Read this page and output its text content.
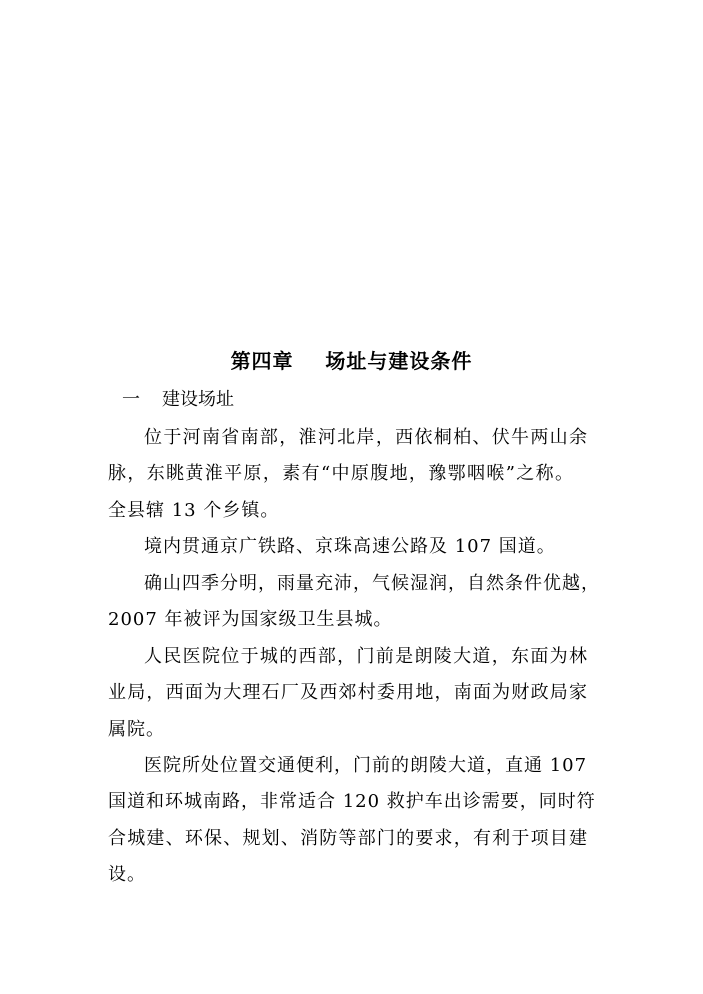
第四章    场址与建设条件
一 建设场址
位于河南省南部，淮河北岸，西依桐柏、伏牛两山余
脉，东眺黄淮平原，素有“中原腹地，豫鄂咽喉”之称。
全县辖 13 个乡镇。
境内贯通京广铁路、京珠高速公路及 107 国道。
确山四季分明，雨量充沛，气候湿润，自然条件优越，
2007 年被评为国家级卫生县城。
人民医院位于城的西部，门前是朗陵大道，东面为林
业局，西面为大理石厂及西郊村委用地，南面为财政局家
属院。
医院所处位置交通便利，门前的朗陵大道，直通 107
国道和环城南路，非常适合 120 救护车出诊需要，同时符
合城建、环保、规划、消防等部门的要求，有利于项目建
设。
